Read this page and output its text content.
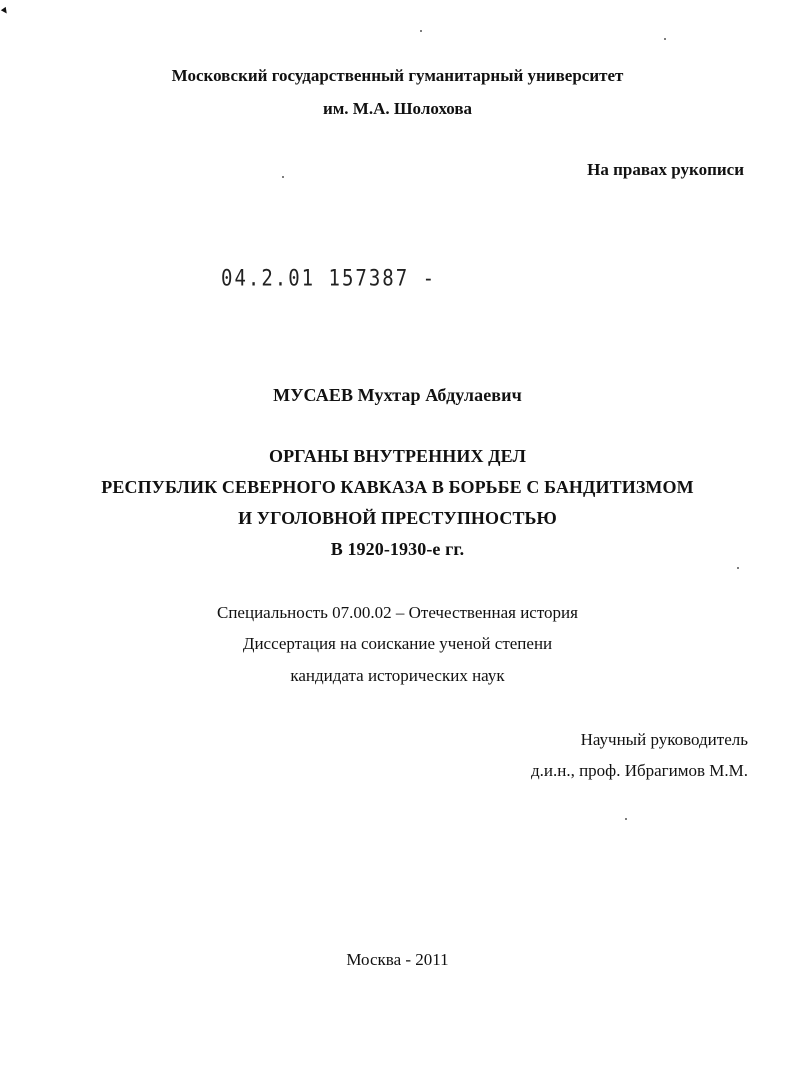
Московский государственный гуманитарный университет
им. М.А. Шолохова
На правах рукописи
04.2.01 157387 -
МУСАЕВ Мухтар Абдулаевич
ОРГАНЫ ВНУТРЕННИХ ДЕЛ
РЕСПУБЛИК СЕВЕРНОГО КАВКАЗА В БОРЬБЕ С БАНДИТИЗМОМ
И УГОЛОВНОЙ ПРЕСТУПНОСТЬЮ
В 1920-1930-е гг.
Специальность 07.00.02 – Отечественная история
Диссертация на соискание ученой степени
кандидата исторических наук
Научный руководитель
д.и.н., проф. Ибрагимов М.М.
Москва - 2011
